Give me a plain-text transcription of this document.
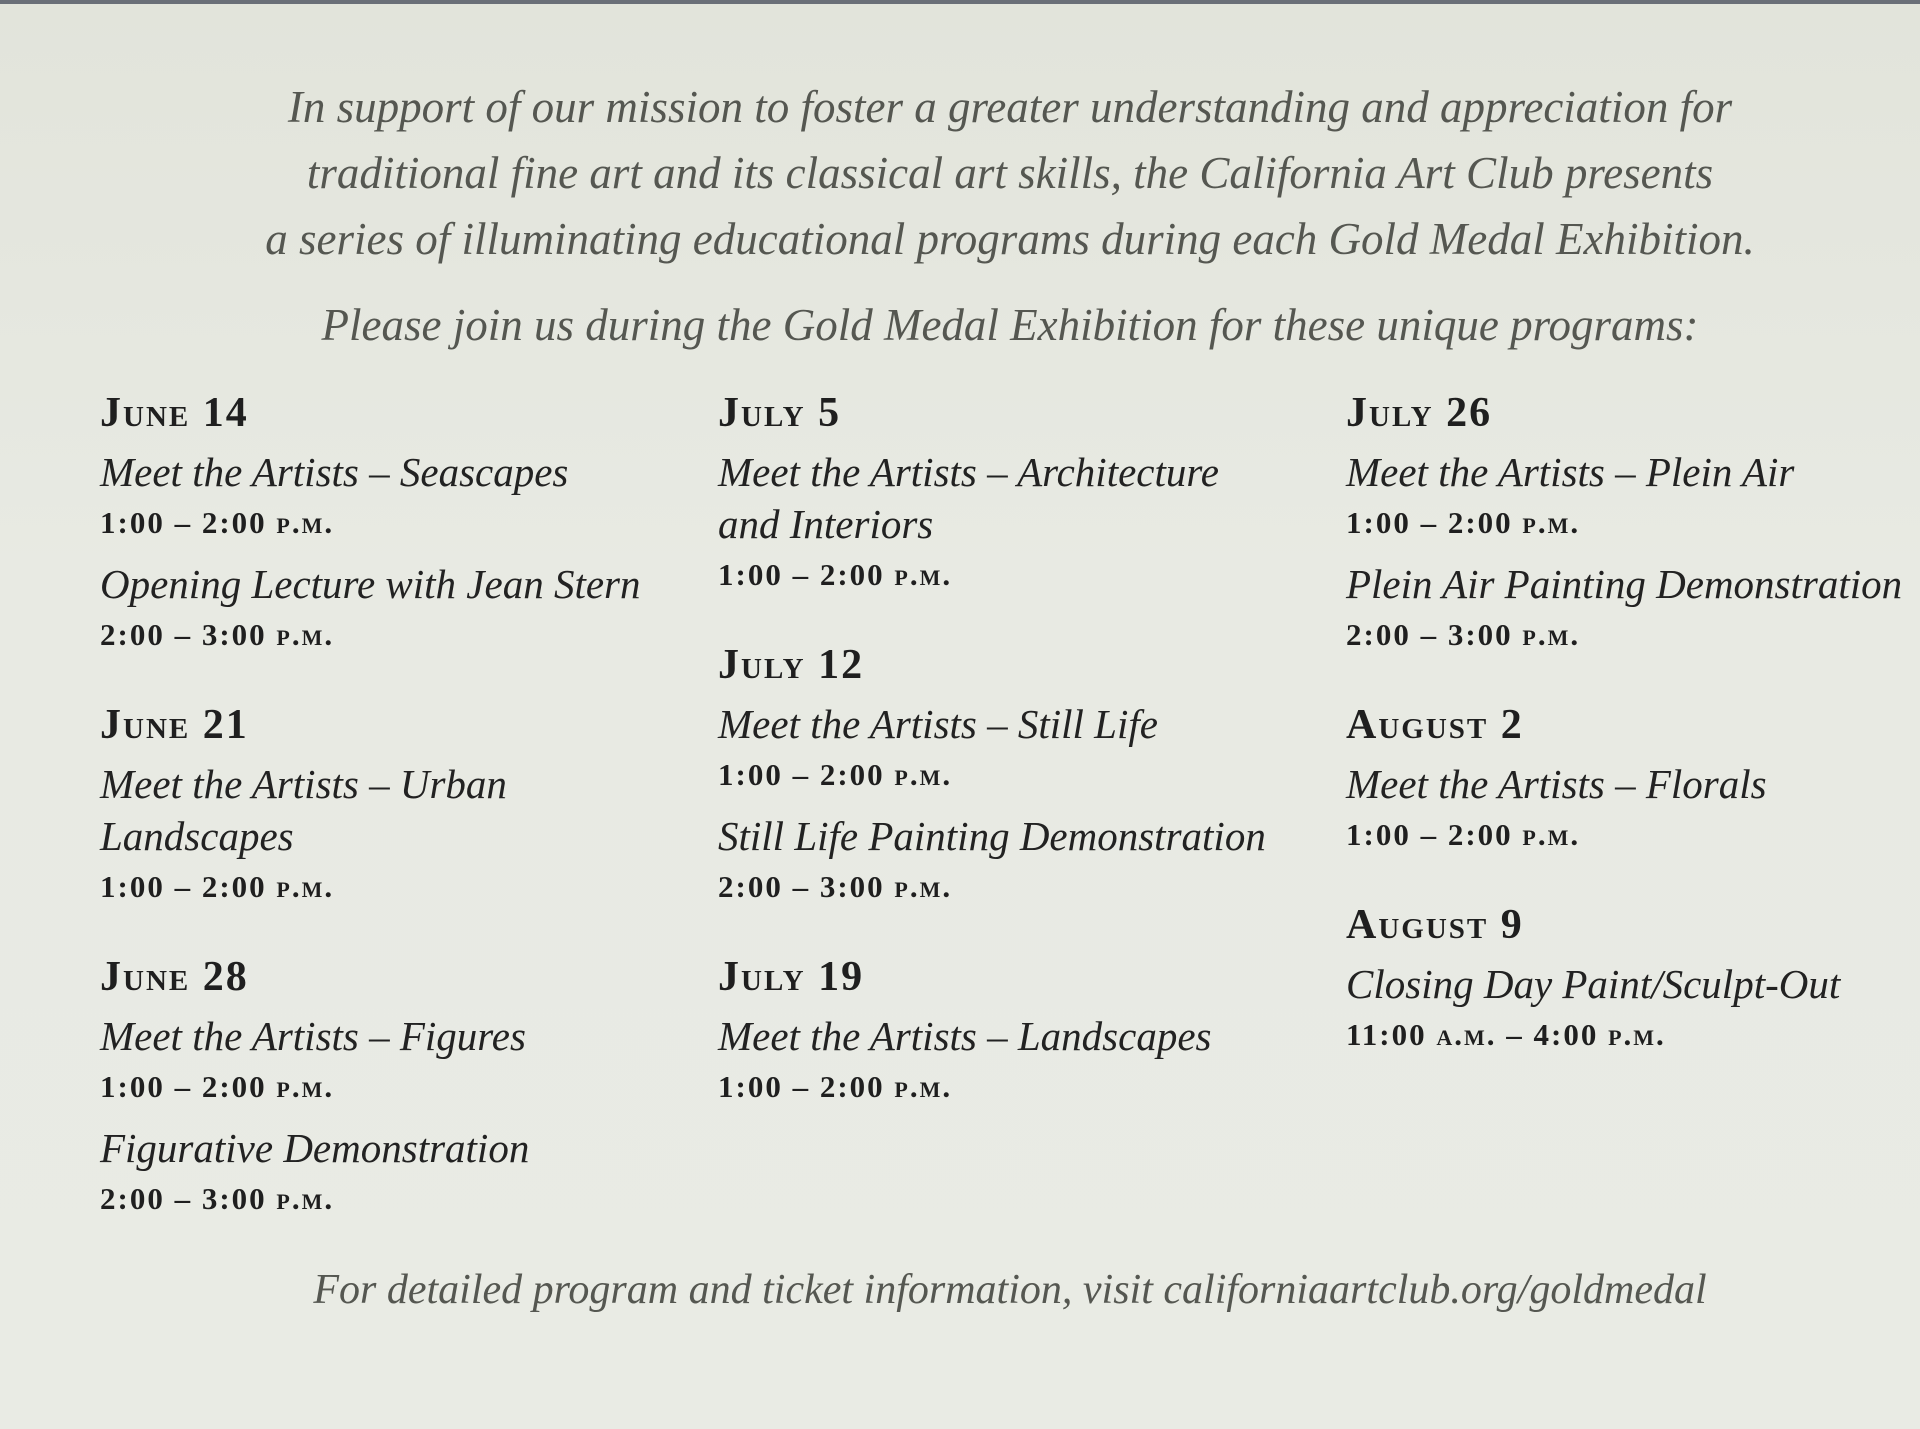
In support of our mission to foster a greater understanding and appreciation for

traditional fine art and its classical art skills, the California Art Club presents

a series of illuminating educational programs during each Gold Medal Exhibition.

Please join us during the Gold Medal Exhibition for these unique programs:

June 14
Meet the Artists – Seascapes
1:00 – 2:00 p.m.
Opening Lecture with Jean Stern
2:00 – 3:00 p.m.
June 21
Meet the Artists – Urban Landscapes
1:00 – 2:00 p.m.
June 28
Meet the Artists – Figures
1:00 – 2:00 p.m.
Figurative Demonstration
2:00 – 3:00 p.m.
July 5
Meet the Artists – Architecture and Interiors
1:00 – 2:00 p.m.
July 12
Meet the Artists – Still Life
1:00 – 2:00 p.m.
Still Life Painting Demonstration
2:00 – 3:00 p.m.
July 19
Meet the Artists – Landscapes
1:00 – 2:00 p.m.
July 26
Meet the Artists – Plein Air
1:00 – 2:00 p.m.
Plein Air Painting Demonstration
2:00 – 3:00 p.m.
August 2
Meet the Artists – Florals
1:00 – 2:00 p.m.
August 9
Closing Day Paint/Sculpt-Out
11:00 a.m. – 4:00 p.m.
For detailed program and ticket information, visit californiaartclub.org/goldmedal
